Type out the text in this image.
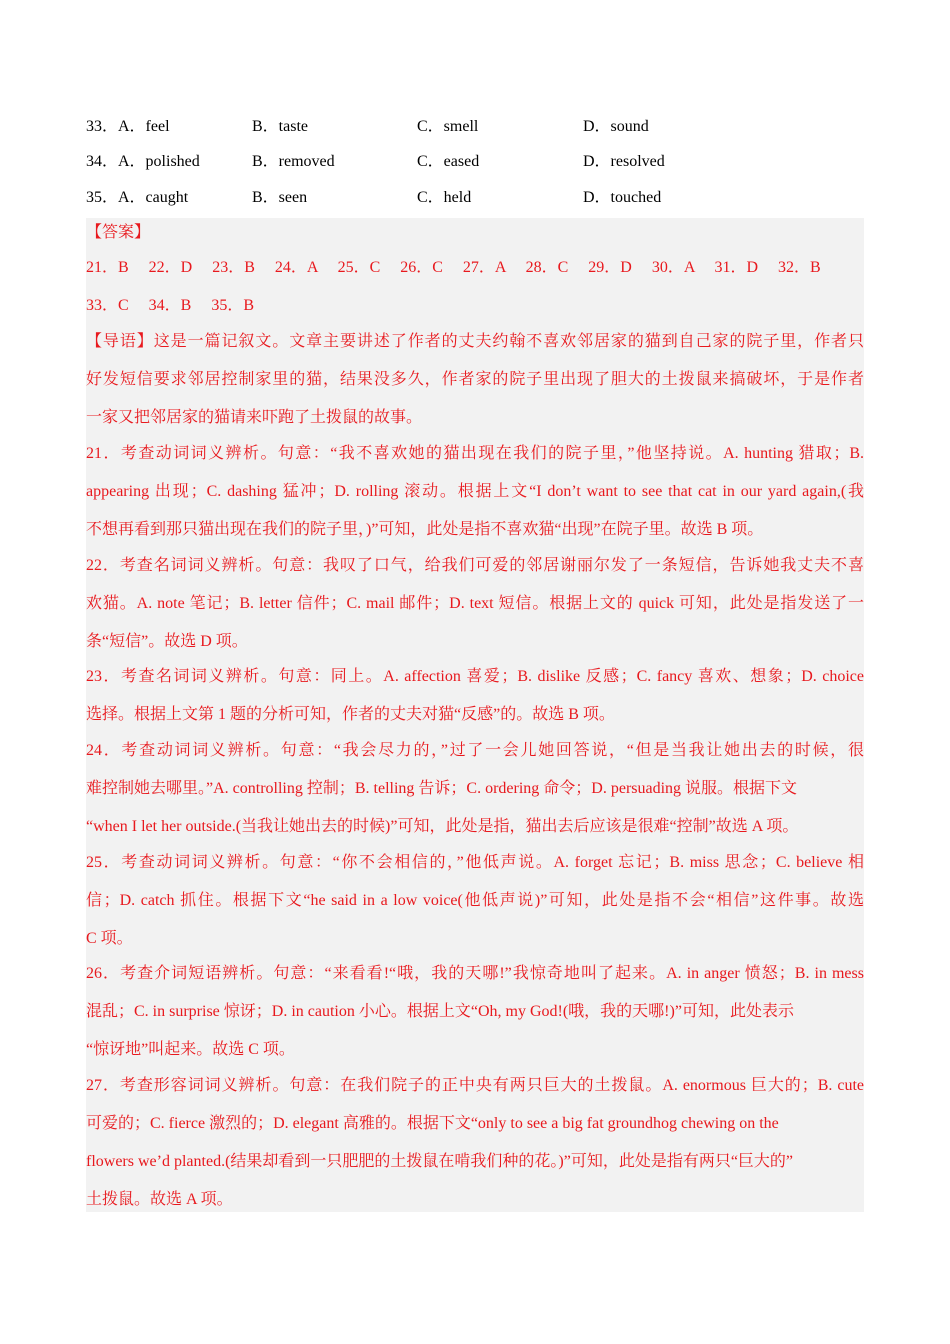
33．A．feel	B．taste	C．smell	D．sound
34．A．polished	B．removed	C．eased	D．resolved
35．A．caught	B．seen	C．held	D．touched
【答案】
21．B　 22．D　 23．B　 24．A　 25．C　 26．C　 27．A　 28．C　 29．D　 30．A　 31．D　 32．B
33．C　 34．B　 35．B
【导语】这是一篇记叙文。文章主要讲述了作者的丈夫约翰不喜欢邻居家的猫到自己家的院子里，作者只
好发短信要求邻居控制家里的猫，结果没多久，作者家的院子里出现了胆大的土拨鼠来搞破坏，于是作者
一家又把邻居家的猫请来吓跑了土拨鼠的故事。
21．考查动词词义辨析。句意：“我不喜欢她的猫出现在我们的院子里，”他坚持说。A. hunting 猎取；B.
appearing 出现；C. dashing 猛冲；D. rolling 滚动。根据上文“I don’t want to see that cat in our yard again,(我
不想再看到那只猫出现在我们的院子里，)”可知，此处是指不喜欢猫“出现”在院子里。故选 B 项。
22．考查名词词义辨析。句意：我叹了口气，给我们可爱的邻居谢丽尔发了一条短信，告诉她我丈夫不喜
欢猫。A. note 笔记；B. letter 信件；C. mail 邮件；D. text 短信。根据上文的 quick 可知，此处是指发送了一
条“短信”。故选 D 项。
23．考查名词词义辨析。句意：同上。A. affection 喜爱；B. dislike 反感；C. fancy 喜欢、想象；D. choice
选择。根据上文第 1 题的分析可知，作者的丈夫对猫“反感”的。故选 B 项。
24．考查动词词义辨析。句意：“我会尽力的，”过了一会儿她回答说，“但是当我让她出去的时候，很
难控制她去哪里。”A. controlling 控制；B. telling 告诉；C. ordering 命令；D. persuading 说服。根据下文
“when I let her outside.(当我让她出去的时候)”可知，此处是指，猫出去后应该是很难“控制”故选 A 项。
25．考查动词词义辨析。句意：“你不会相信的，”他低声说。A. forget 忘记；B. miss 思念；C. believe 相
信；D. catch 抓住。根据下文“he said in a low voice(他低声说)”可知，此处是指不会“相信”这件事。故选
C 项。
26．考查介词短语辨析。句意：“来看看!“哦，我的天哪!”我惊奇地叫了起来。A. in anger 愤怒；B. in mess
混乱；C. in surprise 惊讶；D. in caution 小心。根据上文“Oh, my God!(哦，我的天哪!)”可知，此处表示
“惊讶地”叫起来。故选 C 项。
27．考查形容词词义辨析。句意：在我们院子的正中央有两只巨大的土拨鼠。A. enormous 巨大的；B. cute
可爱的；C. fierce 激烈的；D. elegant 高雅的。根据下文“only to see a big fat groundhog chewing on the
flowers we’d planted.(结果却看到一只肥肥的土拨鼠在啃我们种的花。)”可知，此处是指有两只“巨大的”
土拨鼠。故选 A 项。
